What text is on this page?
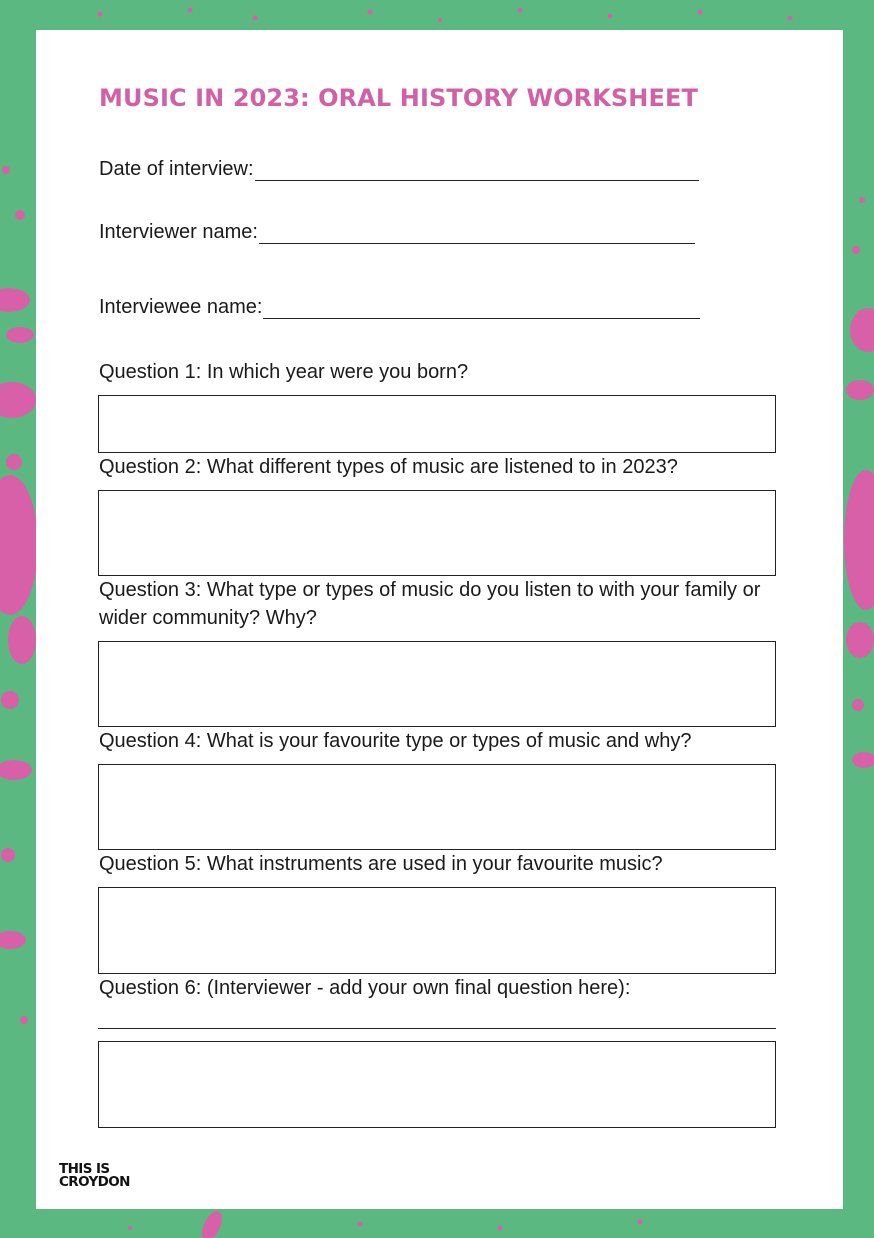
MUSIC IN 2023: ORAL HISTORY WORKSHEET
Date of interview:
Interviewer name:
Interviewee name:

Question 1: In which year were you born?

Question 2: What different types of music are listened to in 2023?

Question 3: What type or types of music do you listen to with your family or wider community? Why?

Question 4: What is your favourite type or types of music and why?

Question 5: What instruments are used in your favourite music?

Question 6: (Interviewer - add your own final question here):

THIS IS
CROYDON
